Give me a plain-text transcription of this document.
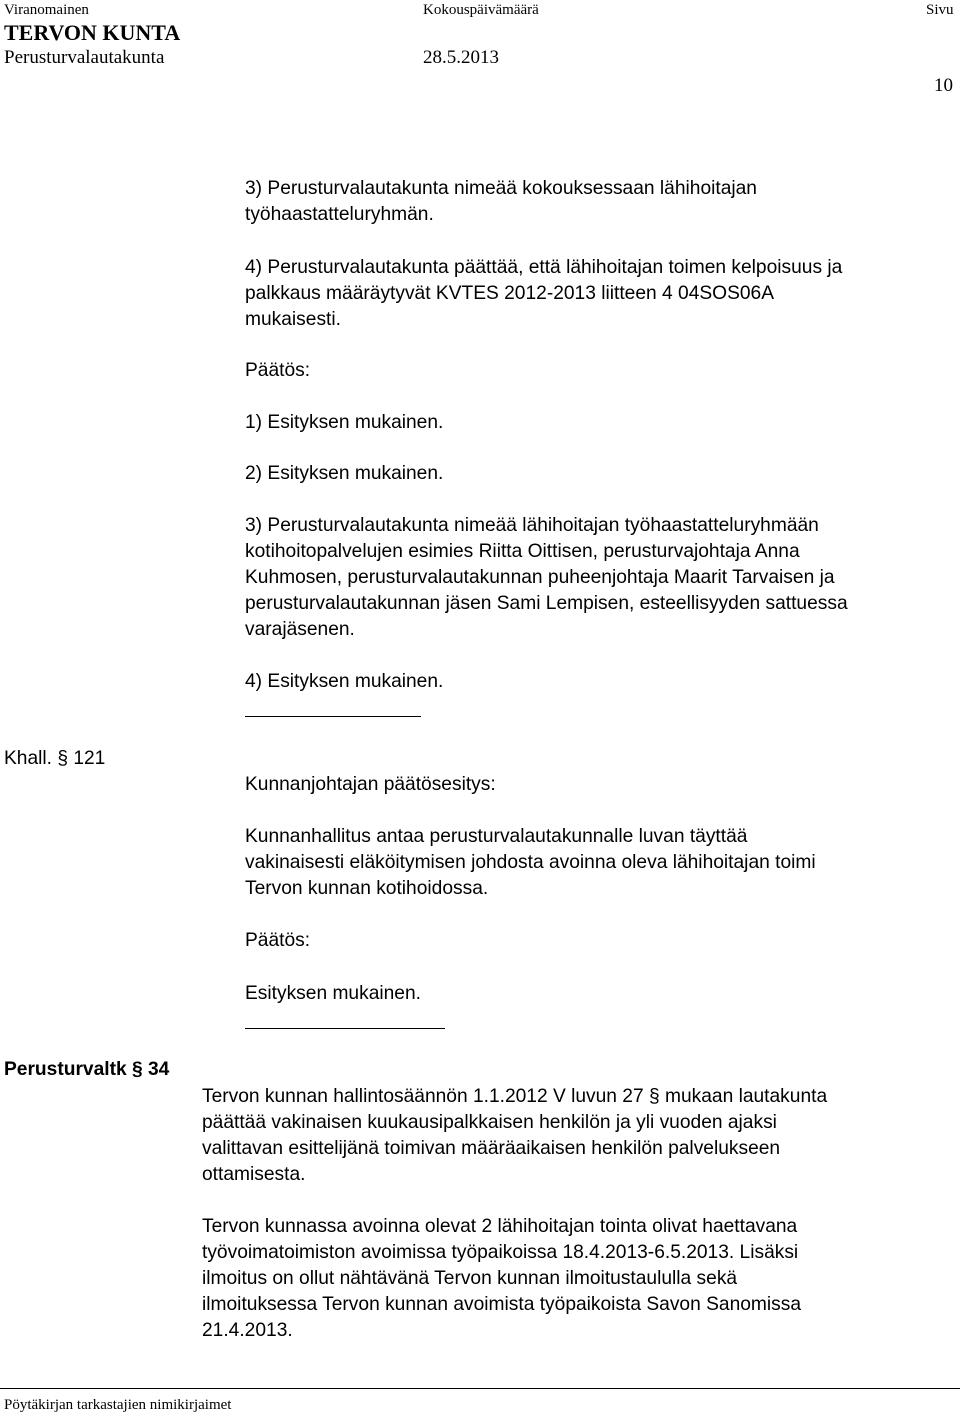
Viranomainen	Kokouspäivämäärä	Sivu
TERVON KUNTA
Perusturvalautakunta	28.5.2013
10
3) Perusturvalautakunta nimeää kokouksessaan lähihoitajan
työhaastatteluryhmän.
4) Perusturvalautakunta päättää, että lähihoitajan toimen kelpoisuus ja
palkkaus määräytyvät KVTES 2012-2013 liitteen 4 04SOS06A
mukaisesti.
Päätös:
1) Esityksen mukainen.
2) Esityksen mukainen.
3) Perusturvalautakunta nimeää lähihoitajan työhaastatteluryhmään
kotihoitopalvelujen esimies Riitta Oittisen, perusturvajohtaja Anna
Kuhmosen, perusturvalautakunnan puheenjohtaja Maarit Tarvaisen ja
perusturvalautakunnan jäsen Sami Lempisen, esteellisyyden sattuessa
varajäsenen.
4) Esityksen mukainen.
Khall. § 121
Kunnanjohtajan päätösesitys:
Kunnanhallitus antaa perusturvalautakunnalle luvan täyttää
vakinaisesti eläköitymisen johdosta avoinna oleva lähihoitajan toimi
Tervon kunnan kotihoidossa.
Päätös:
Esityksen mukainen.
Perusturvaltk § 34
Tervon kunnan hallintosäännön 1.1.2012 V luvun 27 § mukaan lautakunta
päättää vakinaisen kuukausipalkkaisen henkilön ja yli vuoden ajaksi
valittavan esittelijänä toimivan määräaikaisen henkilön palvelukseen
ottamisesta.
Tervon kunnassa avoinna olevat 2 lähihoitajan tointa olivat haettavana
työvoimatoimiston avoimissa työpaikoissa 18.4.2013-6.5.2013. Lisäksi
ilmoitus on ollut nähtävänä Tervon kunnan ilmoitustaululla sekä
ilmoituksessa Tervon kunnan avoimista työpaikoista Savon Sanomissa
21.4.2013.
Pöytäkirjan tarkastajien nimikirjaimet
